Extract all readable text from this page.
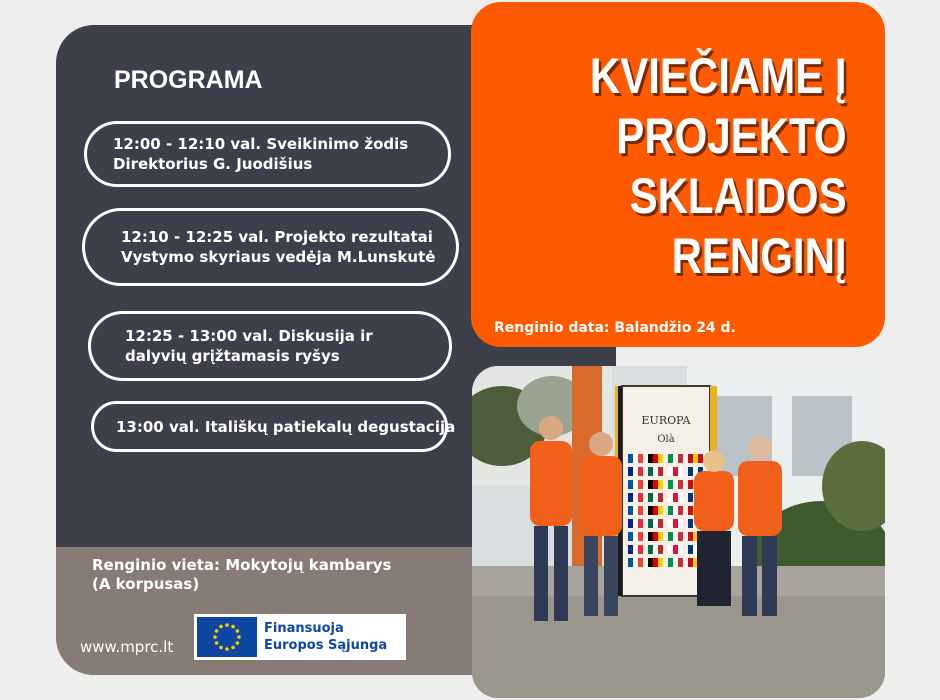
PROGRAMA
12:00 - 12:10 val. Sveikinimo žodis
Direktorius G. Juodišius
12:10 - 12:25 val. Projekto rezultatai
Vystymo skyriaus vedėja M.Lunskutė
12:25 - 13:00 val. Diskusija ir
dalyvių grįžtamasis ryšys
13:00 val. Itališkų patiekalų degustacija
Renginio vieta: Mokytojų kambarys
(A korpusas)
www.mprc.lt
Finansuoja
Europos Sąjunga
KVIEČIAME Į
PROJEKTO
SKLAIDOS
RENGINĮ
Renginio data: Balandžio 24 d.
EUROPA
Olà
